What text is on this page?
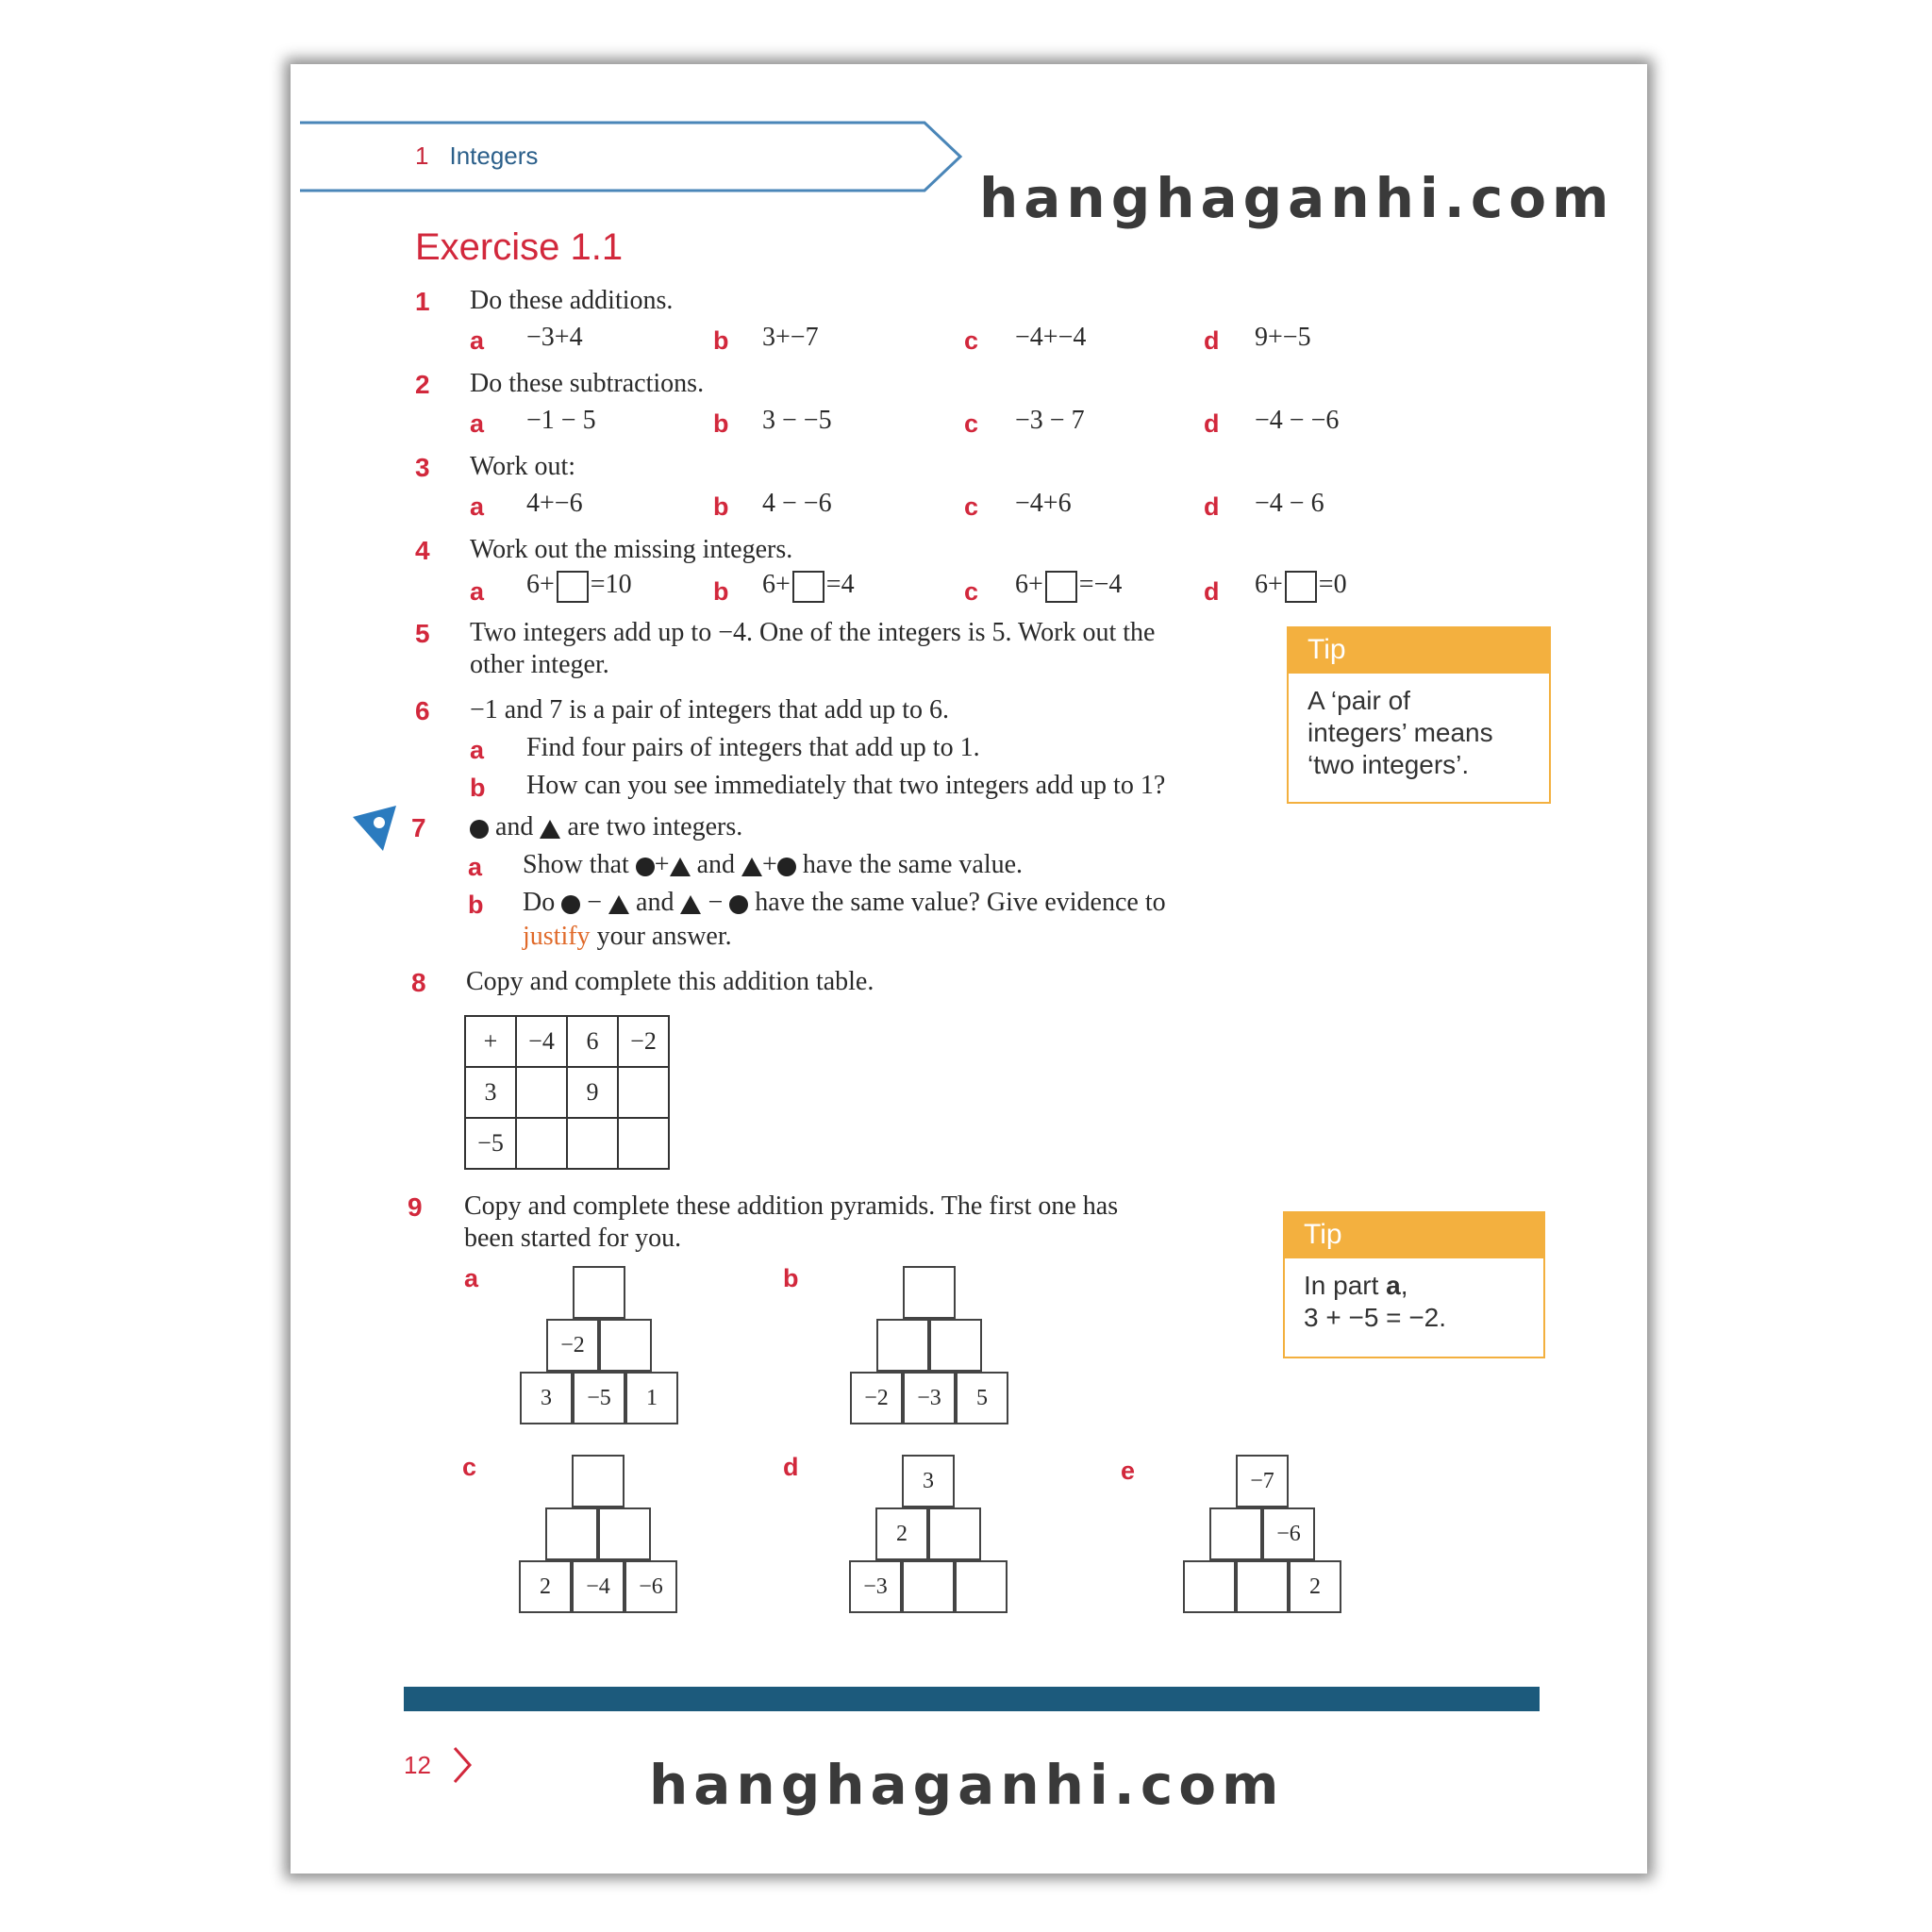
1 Integers
hanghaganhi.com
Exercise 1.1
1 Do these additions.
a −3+4	b 3+−7	c −4+−4	d 9+−5
2 Do these subtractions.
a −1 − 5	b 3 − −5	c −3 − 7	d −4 − −6
3 Work out:
a 4+−6	b 4 − −6	c −4+6	d −4 − 6
4 Work out the missing integers.
a 6+ =10	b 6+ =4	c 6+ =−4	d 6+ =0
5 Two integers add up to −4. One of the integers is 5. Work out the
other integer.
6 −1 and 7 is a pair of integers that add up to 6.
a Find four pairs of integers that add up to 1.
b How can you see immediately that two integers add up to 1?
7	and are two integers.
a Show that + and + have the same value.
b Do  −  and  −  have the same value? Give evidence to
justify your answer.
8 Copy and complete this addition table.
+	−4	6	−2
3		9	
−5			
9 Copy and complete these addition pyramids. The first one has
been started for you.
a
−2
3	−5	1
b
−2	−3	5
c
2	−4	−6
d	3
2
−3
e	−7
−6
2
Tip
A ‘pair of
integers’ means
‘two integers’.
Tip
In part a,
3 + −5 = −2.
12	hanghaganhi.com
